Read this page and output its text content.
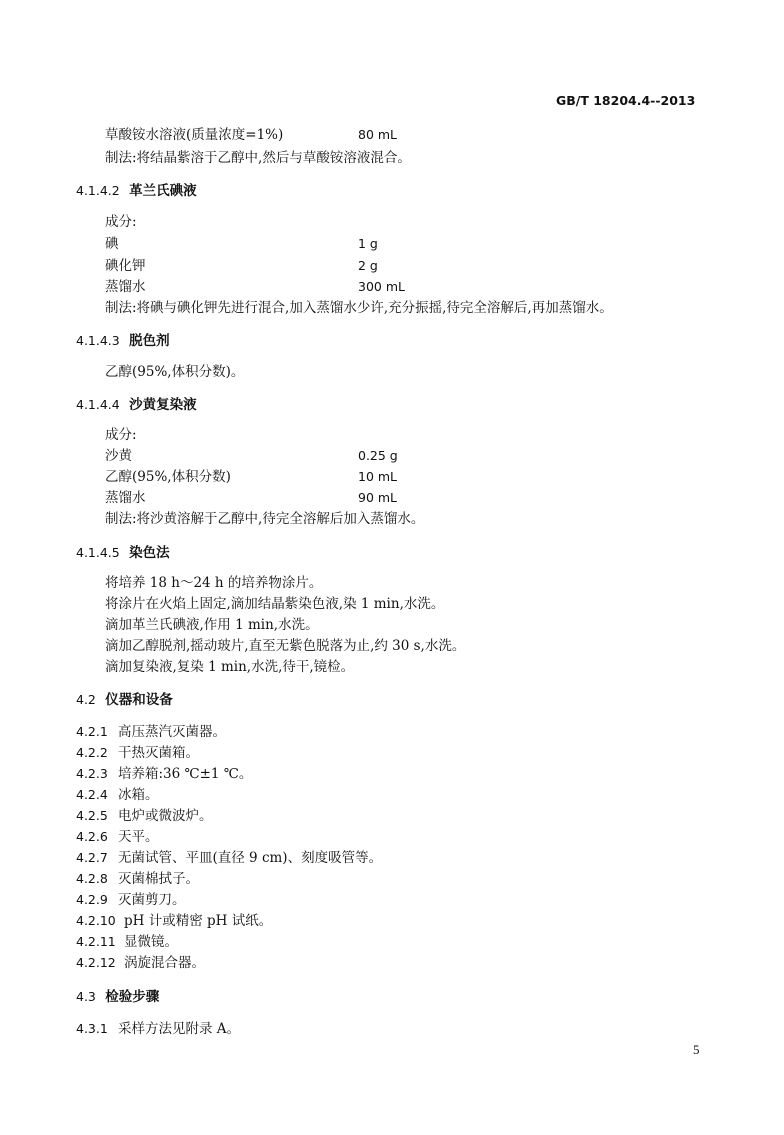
GB/T 18204.4--2013
草酸铵水溶液(质量浓度=1%)	80 mL
制法:将结晶紫溶于乙醇中,然后与草酸铵溶液混合。
4.1.4.2 革兰氏碘液
成分:
碘	1 g
碘化钾	2 g
蒸馏水	300 mL
制法:将碘与碘化钾先进行混合,加入蒸馏水少许,充分振摇,待完全溶解后,再加蒸馏水。
4.1.4.3 脱色剂
乙醇(95%,体积分数)。
4.1.4.4 沙黄复染液
成分:
沙黄	0.25 g
乙醇(95%,体积分数)	10 mL
蒸馏水	90 mL
制法:将沙黄溶解于乙醇中,待完全溶解后加入蒸馏水。
4.1.4.5 染色法
将培养 18 h～24 h 的培养物涂片。
将涂片在火焰上固定,滴加结晶紫染色液,染 1 min,水洗。
滴加革兰氏碘液,作用 1 min,水洗。
滴加乙醇脱剂,摇动玻片,直至无紫色脱落为止,约 30 s,水洗。
滴加复染液,复染 1 min,水洗,待干,镜检。
4.2 仪器和设备
4.2.1 高压蒸汽灭菌器。
4.2.2 干热灭菌箱。
4.2.3 培养箱:36 ℃±1 ℃。
4.2.4 冰箱。
4.2.5 电炉或微波炉。
4.2.6 天平。
4.2.7 无菌试管、平皿(直径 9 cm)、刻度吸管等。
4.2.8 灭菌棉拭子。
4.2.9 灭菌剪刀。
4.2.10 pH 计或精密 pH 试纸。
4.2.11 显微镜。
4.2.12 涡旋混合器。
4.3 检验步骤
4.3.1 采样方法见附录 A。
5
